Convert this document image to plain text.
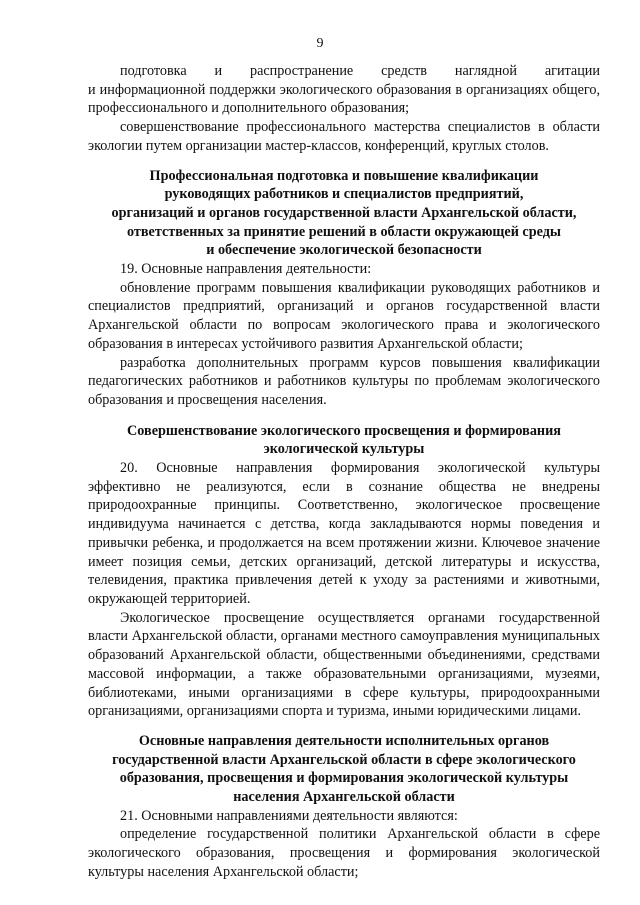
9

подготовка и распространение средств наглядной агитации

и информационной поддержки экологического образования в организациях общего, профессионального и дополнительного образования;

совершенствование профессионального мастерства специалистов в области экологии путем организации мастер-классов, конференций, круглых столов.

Профессиональная подготовка и повышение квалификации
руководящих работников и специалистов предприятий,
организаций и органов государственной власти Архангельской области,
ответственных за принятие решений в области окружающей среды
и обеспечение экологической безопасности

19. Основные направления деятельности:

обновление программ повышения квалификации руководящих работников и специалистов предприятий, организаций и органов государственной власти Архангельской области по вопросам экологического права и экологического образования в интересах устойчивого развития Архангельской области;

разработка дополнительных программ курсов повышения квалификации педагогических работников и работников культуры по проблемам экологического образования и просвещения населения.

Совершенствование экологического просвещения и формирования
экологической культуры

20. Основные направления формирования экологической культуры эффективно не реализуются, если в сознание общества не внедрены природоохранные принципы. Соответственно, экологическое просвещение индивидуума начинается с детства, когда закладываются нормы поведения и привычки ребенка, и продолжается на всем протяжении жизни. Ключевое значение имеет позиция семьи, детских организаций, детской литературы и искусства, телевидения, практика привлечения детей к уходу за растениями и животными, окружающей территорией.

Экологическое просвещение осуществляется органами государственной власти Архангельской области, органами местного самоуправления муниципальных образований Архангельской области, общественными объединениями, средствами массовой информации, а также образовательными организациями, музеями, библиотеками, иными организациями в сфере культуры, природоохранными организациями, организациями спорта и туризма, иными юридическими лицами.

Основные направления деятельности исполнительных органов
государственной власти Архангельской области в сфере экологического
образования, просвещения и формирования экологической культуры
населения Архангельской области

21. Основными направлениями деятельности являются:

определение государственной политики Архангельской области в сфере экологического образования, просвещения и формирования экологической культуры населения Архангельской области;
